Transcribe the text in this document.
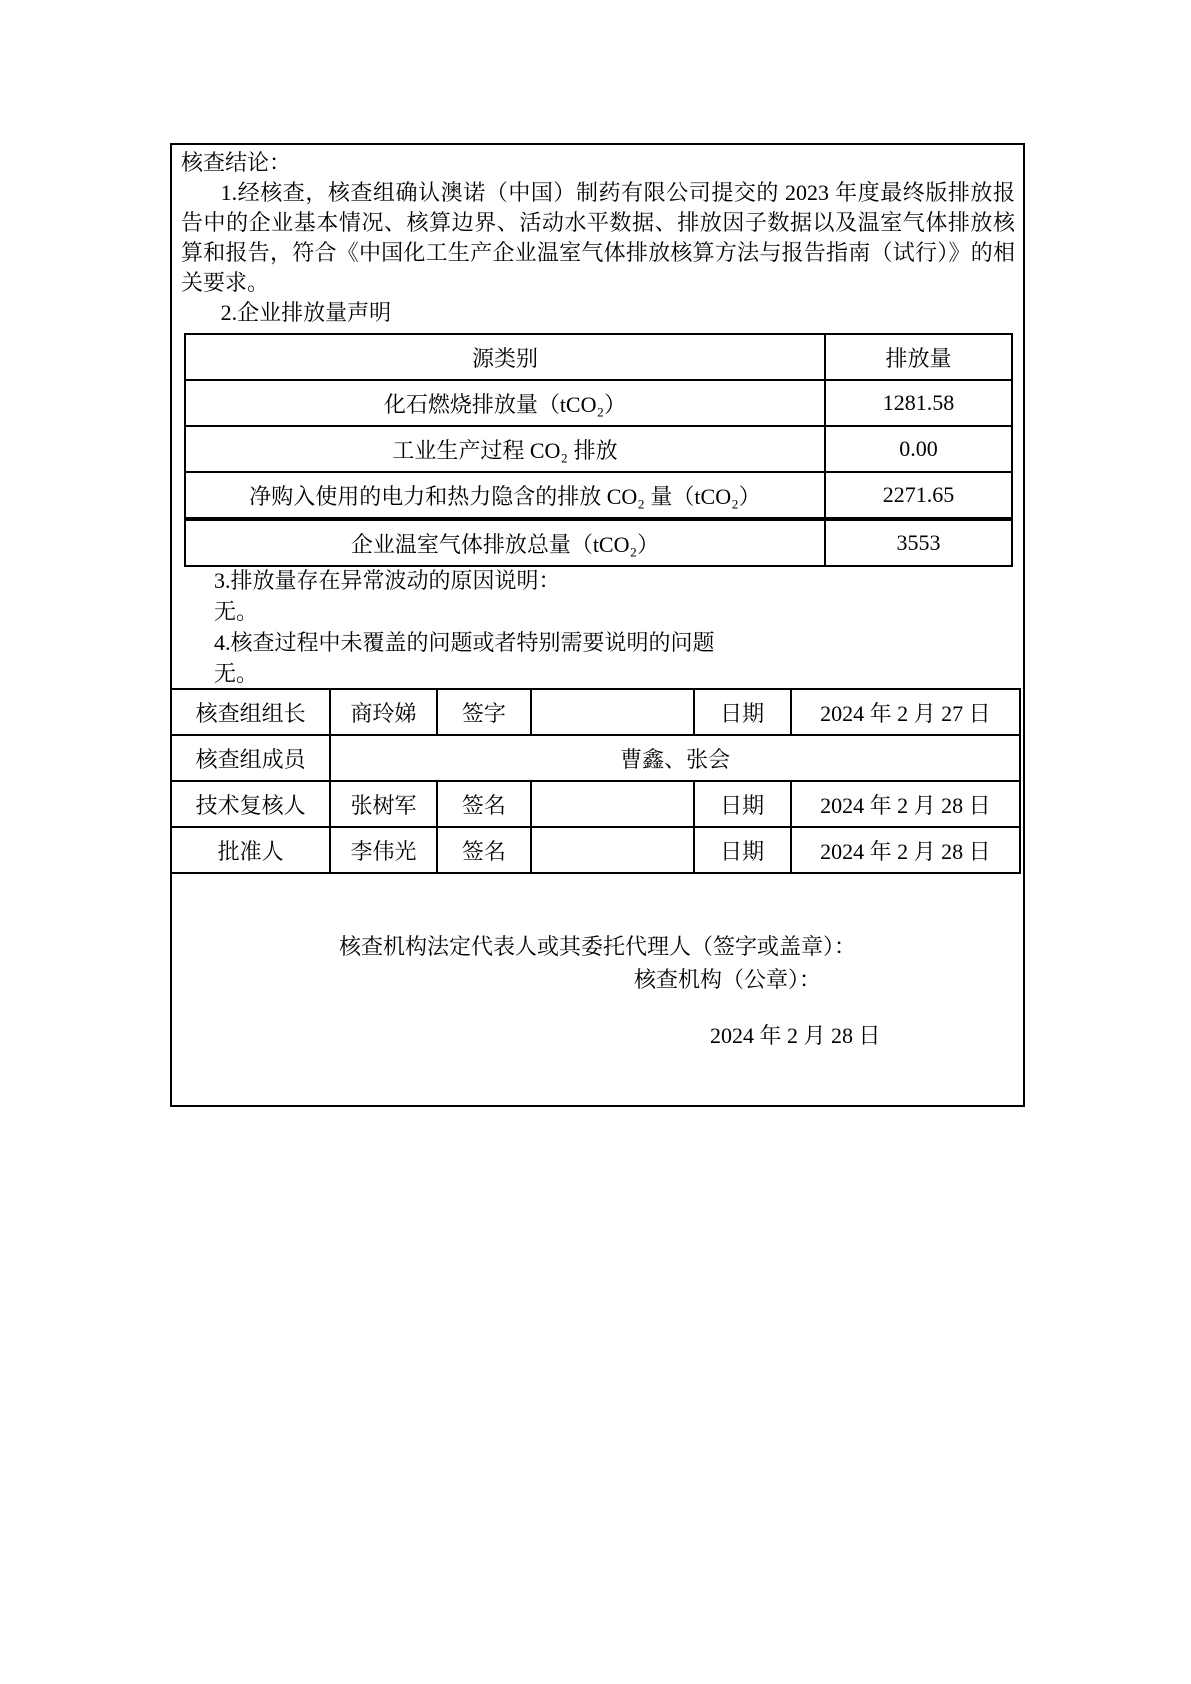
核查结论：
1.经核查，核查组确认澳诺（中国）制药有限公司提交的 2023 年度最终版排放报告中的企业基本情况、核算边界、活动水平数据、排放因子数据以及温室气体排放核算和报告，符合《中国化工生产企业温室气体排放核算方法与报告指南（试行）》的相关要求。
2.企业排放量声明
源类别	排放量
化石燃烧排放量（tCO₂）	1281.58
工业生产过程 CO₂ 排放	0.00
净购入使用的电力和热力隐含的排放 CO₂ 量（tCO₂）	2271.65
企业温室气体排放总量（tCO₂）	3553
3.排放量存在异常波动的原因说明：
无。
4.核查过程中未覆盖的问题或者特别需要说明的问题
无。
核查组组长	商玲娣	签字		日期	2024 年 2 月 27 日
核查组成员	曹鑫、张会				
技术复核人	张树军	签名		日期	2024 年 2 月 28 日
批准人	李伟光	签名		日期	2024 年 2 月 28 日
核查机构法定代表人或其委托代理人（签字或盖章）：
核查机构（公章）：
2024 年 2 月 28 日
